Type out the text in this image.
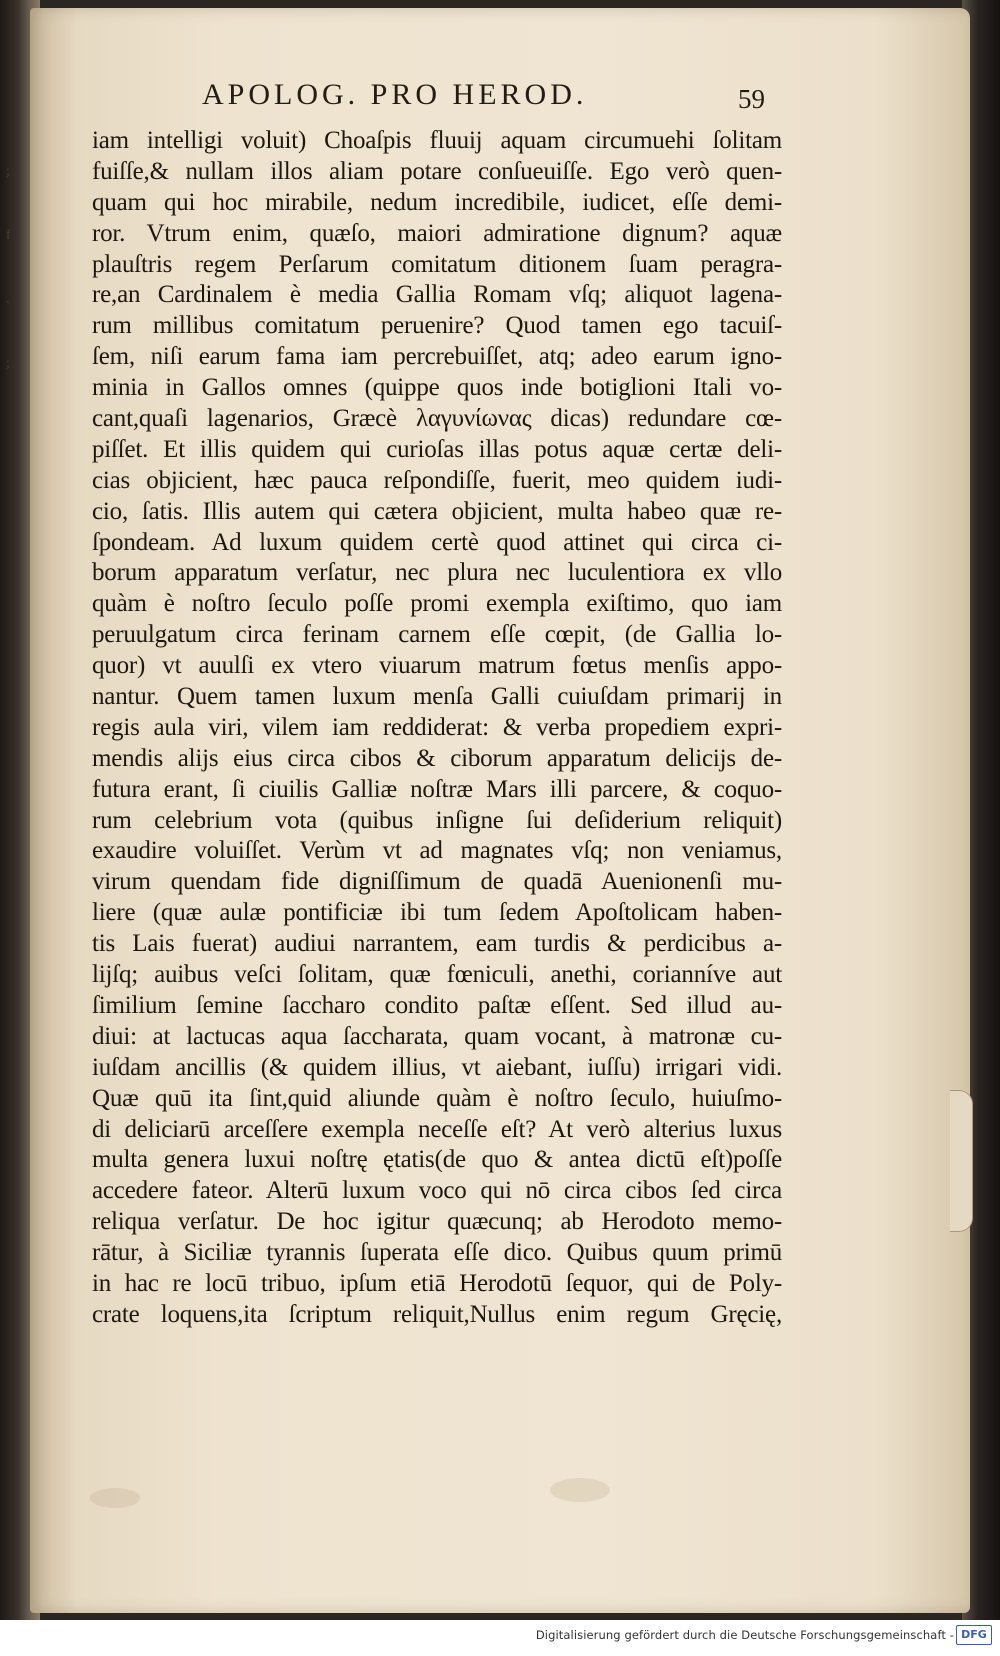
;
f
.
;
APOLOG. PRO HEROD.	59
iam intelligi voluit) Choaſpis fluuij aquam circumuehi ſolitam
fuiſſe,& nullam illos aliam potare conſueuiſſe. Ego verò quen-
quam qui hoc mirabile, nedum incredibile, iudicet, eſſe demi-
ror. Vtrum enim, quæſo, maiori admiratione dignum? aquæ
plauſtris regem Perſarum comitatum ditionem ſuam peragra-
re,an Cardinalem è media Gallia Romam vſq; aliquot lagena-
rum millibus comitatum peruenire? Quod tamen ego tacuiſ-
ſem, niſi earum fama iam percrebuiſſet, atq; adeo earum igno-
minia in Gallos omnes (quippe quos inde botiglioni Itali vo-
cant,quaſi lagenarios, Græcè λαγυνίωνας dicas) redundare cœ-
piſſet. Et illis quidem qui curioſas illas potus aquæ certæ deli-
cias objicient, hæc pauca reſpondiſſe, fuerit, meo quidem iudi-
cio, ſatis. Illis autem qui cætera objicient, multa habeo quæ re-
ſpondeam. Ad luxum quidem certè quod attinet qui circa ci-
borum apparatum verſatur, nec plura nec luculentiora ex vllo
quàm è noſtro ſeculo poſſe promi exempla exiſtimo, quo iam
peruulgatum circa ferinam carnem eſſe cœpit, (de Gallia lo-
quor) vt auulſi ex vtero viuarum matrum fœtus menſis appo-
nantur. Quem tamen luxum menſa Galli cuiuſdam primarij in
regis aula viri, vilem iam reddiderat: & verba propediem expri-
mendis alijs eius circa cibos & ciborum apparatum delicijs de-
futura erant, ſi ciuilis Galliæ noſtræ Mars illi parcere, & coquo-
rum celebrium vota (quibus inſigne ſui deſiderium reliquit)
exaudire voluiſſet. Verùm vt ad magnates vſq; non veniamus,
virum quendam fide digniſſimum de quadā Auenionenſi mu-
liere (quæ aulæ pontificiæ ibi tum ſedem Apoſtolicam haben-
tis Lais fuerat) audiui narrantem, eam turdis & perdicibus a-
lijſq; auibus veſci ſolitam, quæ fœniculi, anethi, corianníve aut
ſimilium ſemine ſaccharo condito paſtæ eſſent. Sed illud au-
diui: at lactucas aqua ſaccharata, quam vocant, à matronæ cu-
iuſdam ancillis (& quidem illius, vt aiebant, iuſſu) irrigari vidi.
Quæ quū ita ſint,quid aliunde quàm è noſtro ſeculo, huiuſmo-
di deliciarū arceſſere exempla neceſſe eſt? At verò alterius luxus
multa genera luxui noſtrę ętatis(de quo & antea dictū eſt)poſſe
accedere fateor. Alterū luxum voco qui nō circa cibos ſed circa
reliqua verſatur. De hoc igitur quæcunq; ab Herodoto memo-
rātur, à Siciliæ tyrannis ſuperata eſſe dico. Quibus quum primū
in hac re locū tribuo, ipſum etiā Herodotū ſequor, qui de Poly-
crate loquens,ita ſcriptum reliquit,Nullus enim regum Gręcię,
Digitalisierung gefördert durch die Deutsche Forschungsgemeinschaft - DFG
